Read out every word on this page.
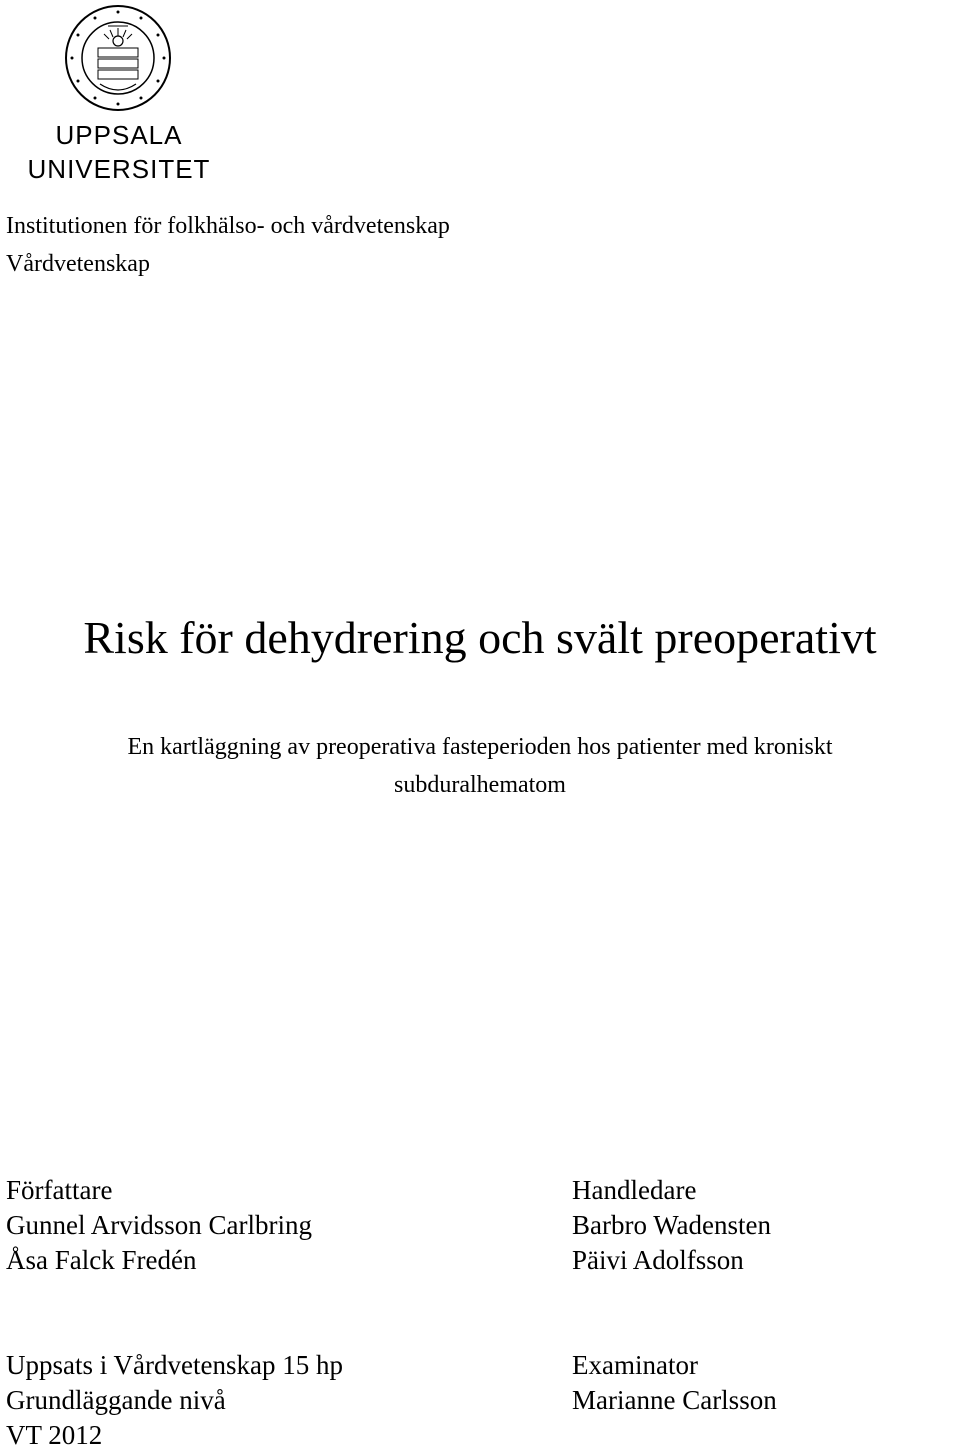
UPPSALA
UNIVERSITET
Institutionen för folkhälso- och vårdvetenskap
Vårdvetenskap
Risk för dehydrering och svält preoperativt
En kartläggning av preoperativa fasteperioden hos patienter med kroniskt
subduralhematom
Författare
Gunnel Arvidsson Carlbring
Åsa Falck Fredén
Handledare
Barbro Wadensten
Päivi Adolfsson
Uppsats i Vårdvetenskap 15 hp
Grundläggande nivå
VT 2012
Examinator
Marianne Carlsson
